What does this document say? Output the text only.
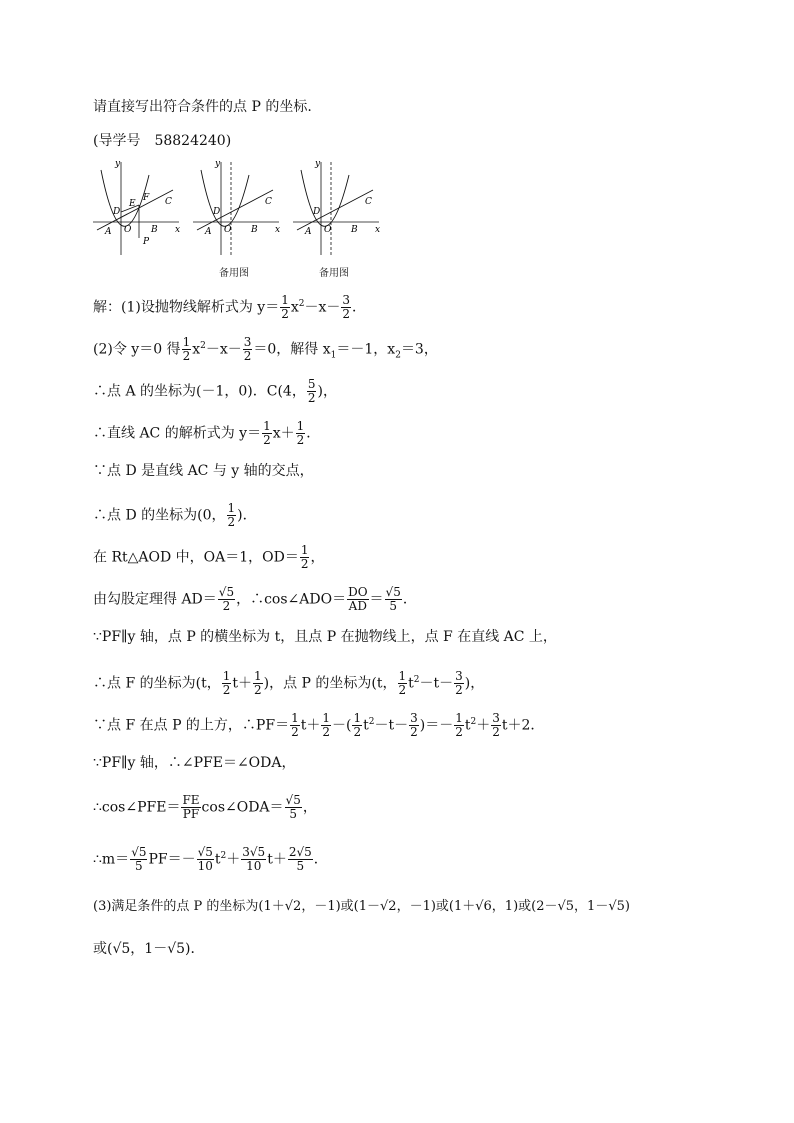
请直接写出符合条件的点 P 的坐标.
(导学号　58824240)
y
x
O
A	B
C
D
E
F
P
y
x
O
A	B
C
D
y
x
O
A	B
C
D
备用图	备用图
解：(1)设抛物线解析式为 $y= \frac{1}{2} x^2-x- \frac{3}{2}$ ．
(2)令 y＝0 得 $\frac{1}{2} x^2-x- \frac{3}{2} =0$，解得 $x_1=-1$，$x_2=3$，
∴点 A 的坐标为(－1，0)．C(4， $\frac{5}{2}$ )，
∴直线 AC 的解析式为 $y= \frac{1}{2} x+ \frac{1}{2}$ ．
∵点 D 是直线 AC 与 y 轴的交点，
∴点 D 的坐标为(0， $\frac{1}{2}$ )．
在 Rt△AOD 中，OA＝1，$OD= \frac{1}{2}$ ，
由勾股定理得 $AD= \frac{√5}{2}$ ，∴cos∠ADO＝ $\frac{DO}{AD} = \frac{√5}{5}$ ．
∵PF∥y 轴，点 P 的横坐标为 t，且点 P 在抛物线上，点 F 在直线 AC 上，
∴点 F 的坐标为(t， $\frac{1}{2} t+ \frac{1}{2}$ )，点 P 的坐标为(t， $\frac{1}{2} t^2-t- \frac{3}{2}$ )，
∵点 F 在点 P 的上方，∴PF＝ $\frac{1}{2} t+ \frac{1}{2}$ －( $\frac{1}{2} t^2-t- \frac{3}{2}$ )＝－ $\frac{1}{2} t^2+ \frac{3}{2} t+2$．
∵PF∥y 轴，∴∠PFE＝∠ODA，
∴cos∠PFE＝ $\frac{FE}{PF}$ cos∠ODA＝ $\frac{√5}{5}$ ，
∴m＝ $\frac{√5}{5} PF=- \frac{√5}{10} t^2+ \frac{3√5}{10} t+ \frac{2√5}{5}$ ．
(3)满足条件的点 P 的坐标为(1＋√2，－1)或(1－√2，－1)或(1＋√6，1)或(2－√5，1－√5)
或(√5，1－√5)．
